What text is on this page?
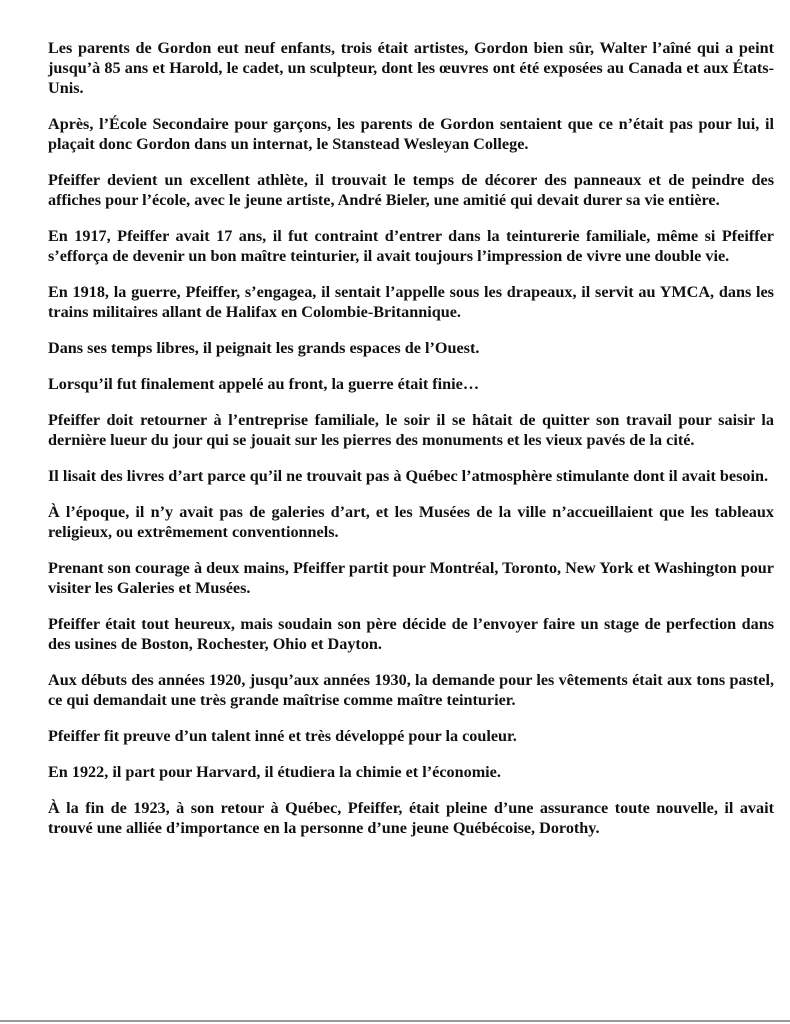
Les parents de Gordon eut neuf enfants, trois était artistes, Gordon bien sûr, Walter l’aîné qui a peint jusqu’à 85 ans et Harold, le cadet, un sculpteur, dont les œuvres ont été exposées au Canada et aux États-Unis.

Après, l’École Secondaire pour garçons, les parents de Gordon sentaient que ce n’était pas pour lui, il plaçait donc Gordon dans un internat, le Stanstead Wesleyan College.

Pfeiffer devient un excellent athlète, il trouvait le temps de décorer des panneaux et de peindre des affiches pour l’école, avec le jeune artiste, André Bieler, une amitié qui devait durer sa vie entière.

En 1917, Pfeiffer avait 17 ans, il fut contraint d’entrer dans la teinturerie familiale, même si Pfeiffer s’efforça de devenir un bon maître teinturier, il avait toujours l’impression de vivre une double vie.

En 1918, la guerre, Pfeiffer, s’engagea, il sentait l’appelle sous les drapeaux, il servit au YMCA, dans les trains militaires allant de Halifax en Colombie-Britannique.

Dans ses temps libres, il peignait les grands espaces de l’Ouest.

Lorsqu’il fut finalement appelé au front, la guerre était finie…

Pfeiffer doit retourner à l’entreprise familiale, le soir il se hâtait de quitter son travail pour saisir la dernière lueur du jour qui se jouait sur les pierres des monuments et les vieux pavés de la cité.

Il lisait des livres d’art parce qu’il ne trouvait pas à Québec l’atmosphère stimulante dont il avait besoin.

À l’époque, il n’y avait pas de galeries d’art, et les Musées de la ville n’accueillaient que les tableaux religieux, ou extrêmement conventionnels.

Prenant son courage à deux mains, Pfeiffer partit pour Montréal, Toronto, New York et Washington pour visiter les Galeries et Musées.

Pfeiffer était tout heureux, mais soudain son père décide de l’envoyer faire un stage de perfection dans des usines de Boston, Rochester, Ohio et Dayton.

Aux débuts des années 1920, jusqu’aux années 1930, la demande pour les vêtements était aux tons pastel, ce qui demandait une très grande maîtrise comme maître teinturier.

Pfeiffer fit preuve d’un talent inné et très développé pour la couleur.

En 1922, il part pour Harvard, il étudiera la chimie et l’économie.

À la fin de 1923, à son retour à Québec, Pfeiffer, était pleine d’une assurance toute nouvelle, il avait trouvé une alliée d’importance en la personne d’une jeune Québécoise, Dorothy.
